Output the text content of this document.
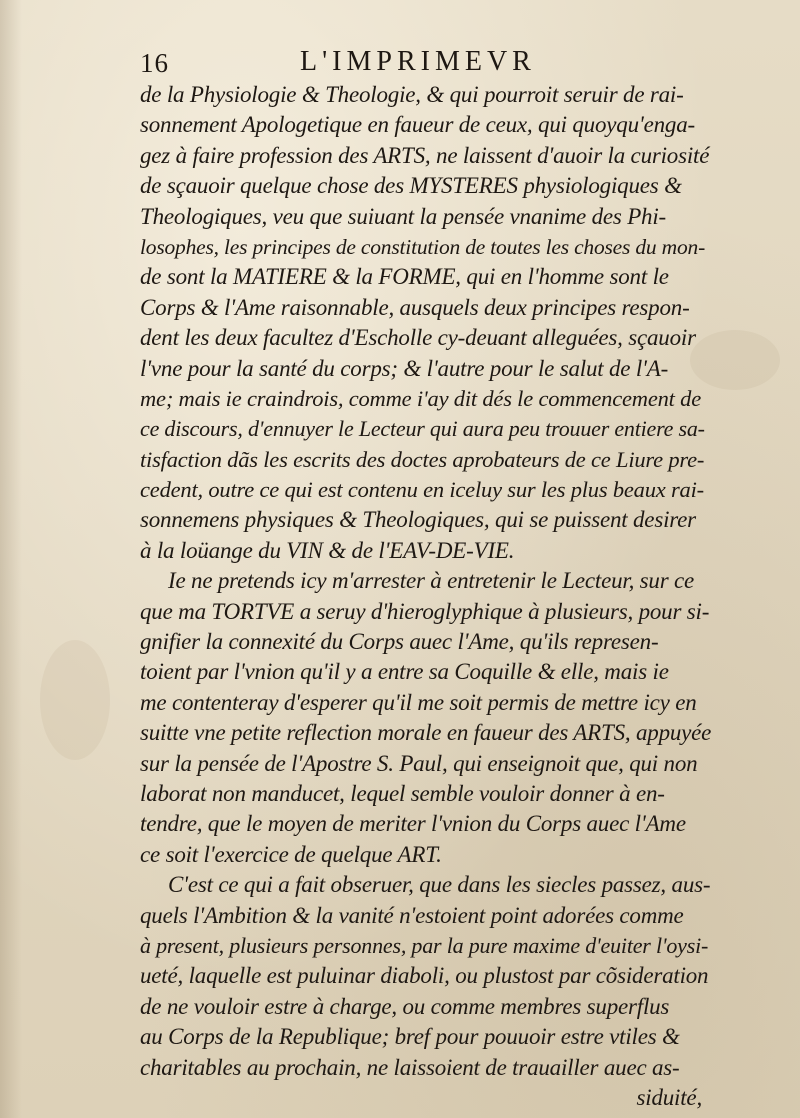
16	L'IMPRIMEVR
de la Physiologie & Theologie, & qui pourroit seruir de rai-
sonnement Apologetique en faueur de ceux, qui quoyqu'enga-
gez à faire profession des ARTS, ne laissent d'auoir la curiosité
de sçauoir quelque chose des MYSTERES physiologiques &
Theologiques, veu que suiuant la pensée vnanime des Phi-
losophes, les principes de constitution de toutes les choses du mon-
de sont la MATIERE & la FORME, qui en l'homme sont le
Corps & l'Ame raisonnable, ausquels deux principes respon-
dent les deux facultez d'Escholle cy-deuant alleguées, sçauoir
l'vne pour la santé du corps; & l'autre pour le salut de l'A-
me; mais ie craindrois, comme i'ay dit dés le commencement de
ce discours, d'ennuyer le Lecteur qui aura peu trouuer entiere sa-
tisfaction dãs les escrits des doctes aprobateurs de ce Liure pre-
cedent, outre ce qui est contenu en iceluy sur les plus beaux rai-
sonnemens physiques & Theologiques, qui se puissent desirer
à la loüange du VIN & de l'EAV-DE-VIE.
Ie ne pretends icy m'arrester à entretenir le Lecteur, sur ce
que ma TORTVE a seruy d'hieroglyphique à plusieurs, pour si-
gnifier la connexité du Corps auec l'Ame, qu'ils represen-
toient par l'vnion qu'il y a entre sa Coquille & elle, mais ie
me contenteray d'esperer qu'il me soit permis de mettre icy en
suitte vne petite reflection morale en faueur des ARTS, appuyée
sur la pensée de l'Apostre S. Paul, qui enseignoit que, qui non
laborat non manducet, lequel semble vouloir donner à en-
tendre, que le moyen de meriter l'vnion du Corps auec l'Ame
ce soit l'exercice de quelque ART.
C'est ce qui a fait obseruer, que dans les siecles passez, aus-
quels l'Ambition & la vanité n'estoient point adorées comme
à present, plusieurs personnes, par la pure maxime d'euiter l'oysi-
ueté, laquelle est puluinar diaboli, ou plustost par cõsideration
de ne vouloir estre à charge, ou comme membres superflus
au Corps de la Republique; bref pour pouuoir estre vtiles &
charitables au prochain, ne laissoient de trauailler auec as-
siduité,
